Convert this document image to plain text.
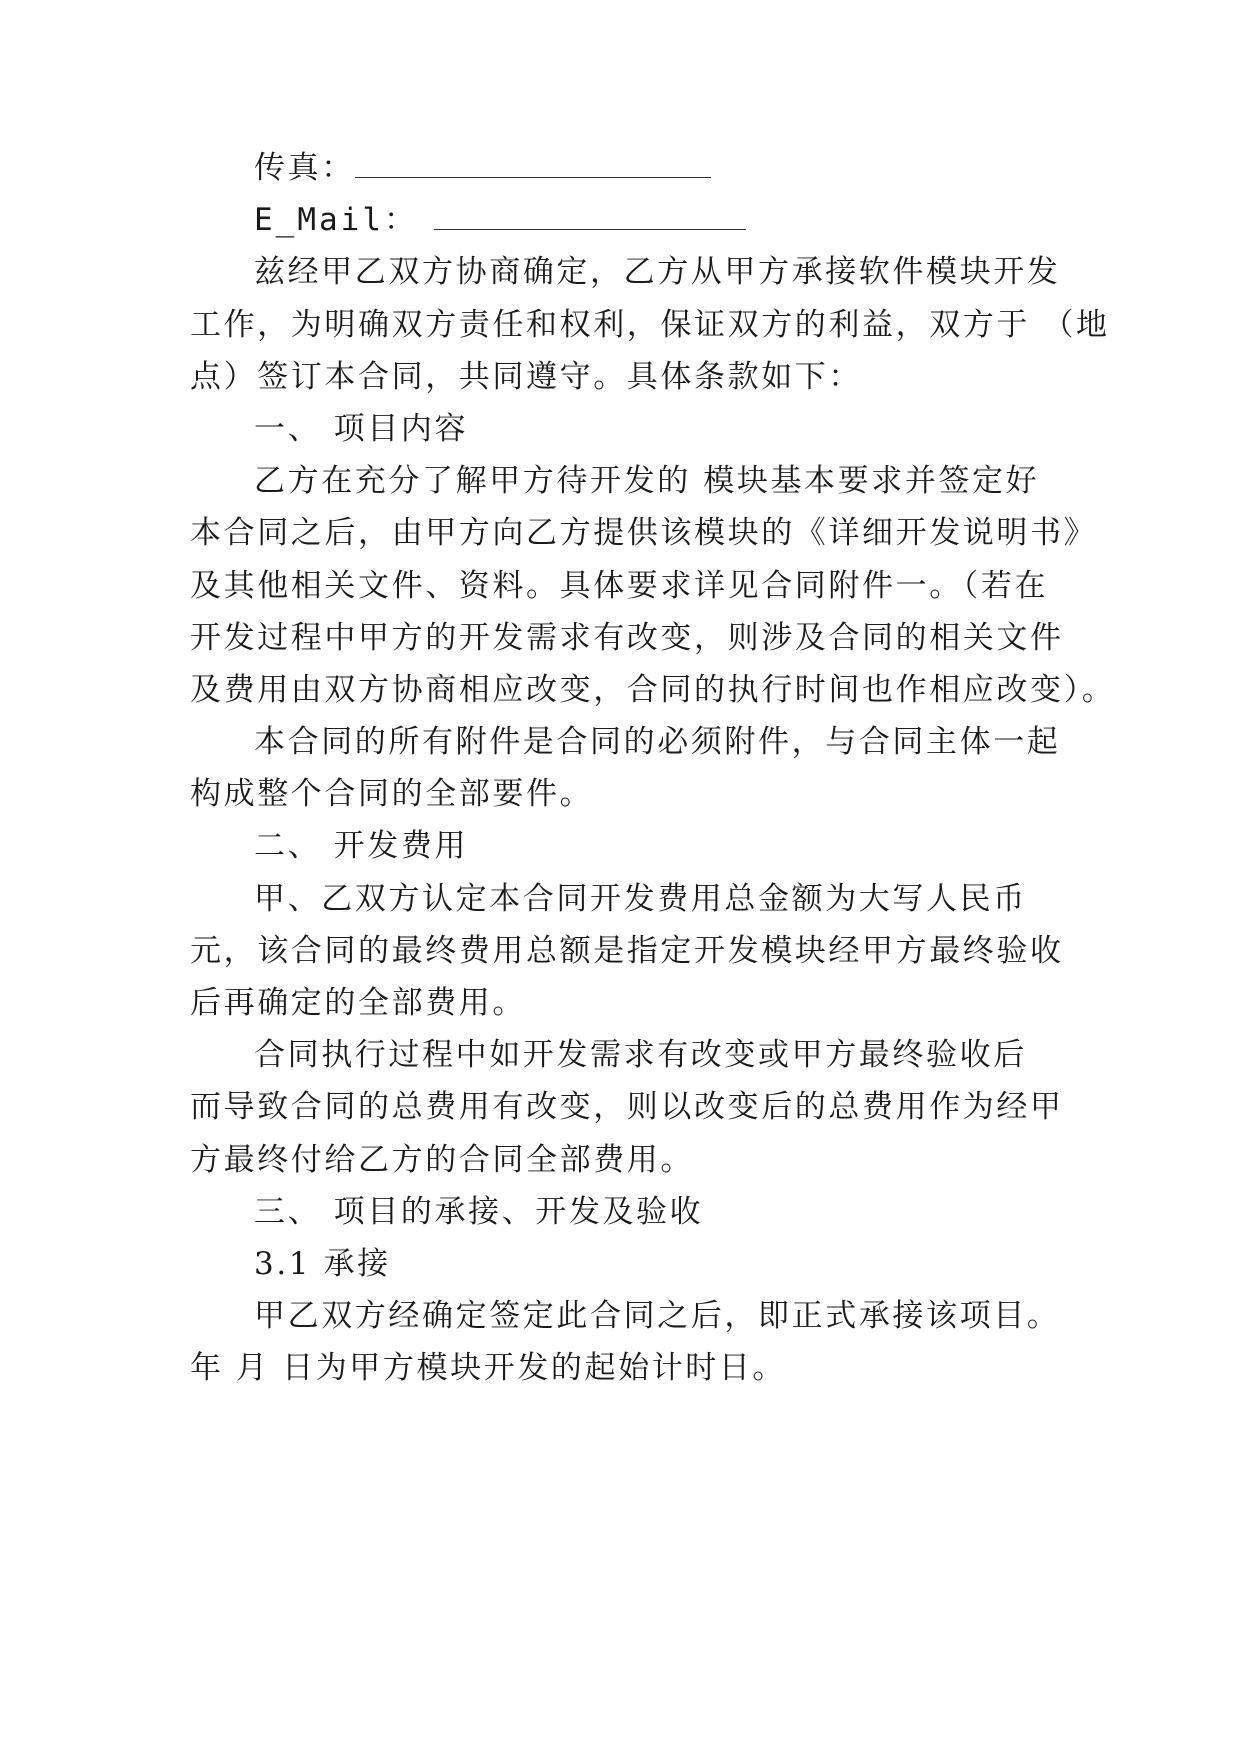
传真：
E_Mail：
兹经甲乙双方协商确定，乙方从甲方承接软件模块开发
工作，为明确双方责任和权利，保证双方的利益，双方于 （地
点）签订本合同，共同遵守。具体条款如下：
一、 项目内容
乙方在充分了解甲方待开发的 模块基本要求并签定好
本合同之后，由甲方向乙方提供该模块的《详细开发说明书》
及其他相关文件、资料。具体要求详见合同附件一。（若在
开发过程中甲方的开发需求有改变，则涉及合同的相关文件
及费用由双方协商相应改变，合同的执行时间也作相应改变）。
本合同的所有附件是合同的必须附件，与合同主体一起
构成整个合同的全部要件。
二、 开发费用
甲、乙双方认定本合同开发费用总金额为大写人民币
元，该合同的最终费用总额是指定开发模块经甲方最终验收
后再确定的全部费用。
合同执行过程中如开发需求有改变或甲方最终验收后
而导致合同的总费用有改变，则以改变后的总费用作为经甲
方最终付给乙方的合同全部费用。
三、 项目的承接、开发及验收
3.1 承接
甲乙双方经确定签定此合同之后，即正式承接该项目。
年 月 日为甲方模块开发的起始计时日。
